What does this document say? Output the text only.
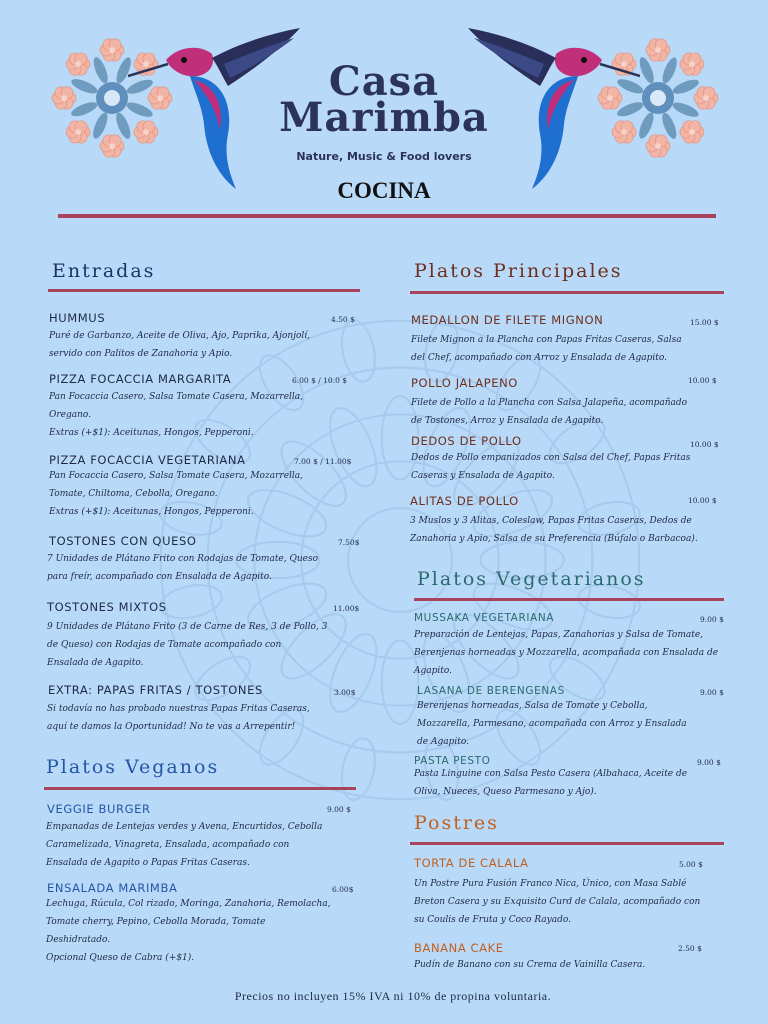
Casa
Marimba
Nature, Music & Food lovers
COCINA
Entradas
HUMMUS	4.50 $
Puré de Garbanzo, Aceite de Oliva, Ajo, Paprika, Ajonjolí,
servido con Palitos de Zanahoria y Apio.
PIZZA FOCACCIA MARGARITA	6.00 $ / 10.0 $
Pan Focaccia Casero, Salsa Tomate Casera, Mozarrella,
Oregano.
Extras (+$1): Aceitunas, Hongos, Pepperoni.
PIZZA FOCACCIA VEGETARIANA	7.00 $ / 11.00$
Pan Focaccia Casero, Salsa Tomate Casera, Mozarrella,
Tomate, Chiltoma, Cebolla, Oregano.
Extras (+$1): Aceitunas, Hongos, Pepperoni.
TOSTONES CON QUESO	7.50$
7 Unidades de Plátano Frito con Rodajas de Tomate, Queso
para freír, acompañado con Ensalada de Agapito.
TOSTONES MIXTOS	11.00$
9 Unidades de Plátano Frito (3 de Carne de Res, 3 de Pollo, 3
de Queso) con Rodajas de Tomate acompañado con
Ensalada de Agapito.
EXTRA: PAPAS FRITAS / TOSTONES	3.00$
Si todavía no has probado nuestras Papas Fritas Caseras,
aquí te damos la Oportunidad! No te vas a Arrepentir!
Platos Veganos
VEGGIE BURGER	9.00 $
Empanadas de Lentejas verdes y Avena, Encurtidos, Cebolla
Caramelizada, Vinagreta, Ensalada, acompañado con
Ensalada de Agapito o Papas Fritas Caseras.
ENSALADA MARIMBA	6.00$
Lechuga, Rúcula, Col rizado, Moringa, Zanahoria, Remolacha,
Tomate cherry, Pepino, Cebolla Morada, Tomate
Deshidratado.
Opcional Queso de Cabra (+$1).
Platos Principales
MEDALLON DE FILETE MIGNON	15.00 $
Filete Mignon a la Plancha con Papas Fritas Caseras, Salsa
del Chef, acompañado con Arroz y Ensalada de Agapito.
POLLO JALAPENO	10.00 $
Filete de Pollo a la Plancha con Salsa Jalapeña, acompañado
de Tostones, Arroz y Ensalada de Agapito.
DEDOS DE POLLO	10.00 $
Dedos de Pollo empanizados con Salsa del Chef, Papas Fritas
Caseras y Ensalada de Agapito.
ALITAS DE POLLO	10.00 $
3 Muslos y 3 Alitas, Coleslaw, Papas Fritas Caseras, Dedos de
Zanahoria y Apio, Salsa de su Preferencia (Búfalo o Barbacoa).
Platos Vegetarianos
MUSSAKA VEGETARIANA	9.00 $
Preparación de Lentejas, Papas, Zanahorias y Salsa de Tomate,
Berenjenas horneadas y Mozzarella, acompañada con Ensalada de
Agapito.
LASANA DE BERENGENAS	9.00 $
Berenjenas horneadas, Salsa de Tomate y Cebolla,
Mozzarella, Parmesano, acompañada con Arroz y Ensalada
de Agapito.
PASTA PESTO	9.00 $
Pasta Linguine con Salsa Pesto Casera (Albahaca, Aceite de
Oliva, Nueces, Queso Parmesano y Ajo).
Postres
TORTA DE CALALA	5.00 $
Un Postre Pura Fusión Franco Nica, Único, con Masa Sablé
Breton Casera y su Exquisito Curd de Calala, acompañado con
su Coulis de Fruta y Coco Rayado.
BANANA CAKE	2.50 $
Pudín de Banano con su Crema de Vainilla Casera.
Precios no incluyen 15% IVA ni 10% de propina voluntaria.
